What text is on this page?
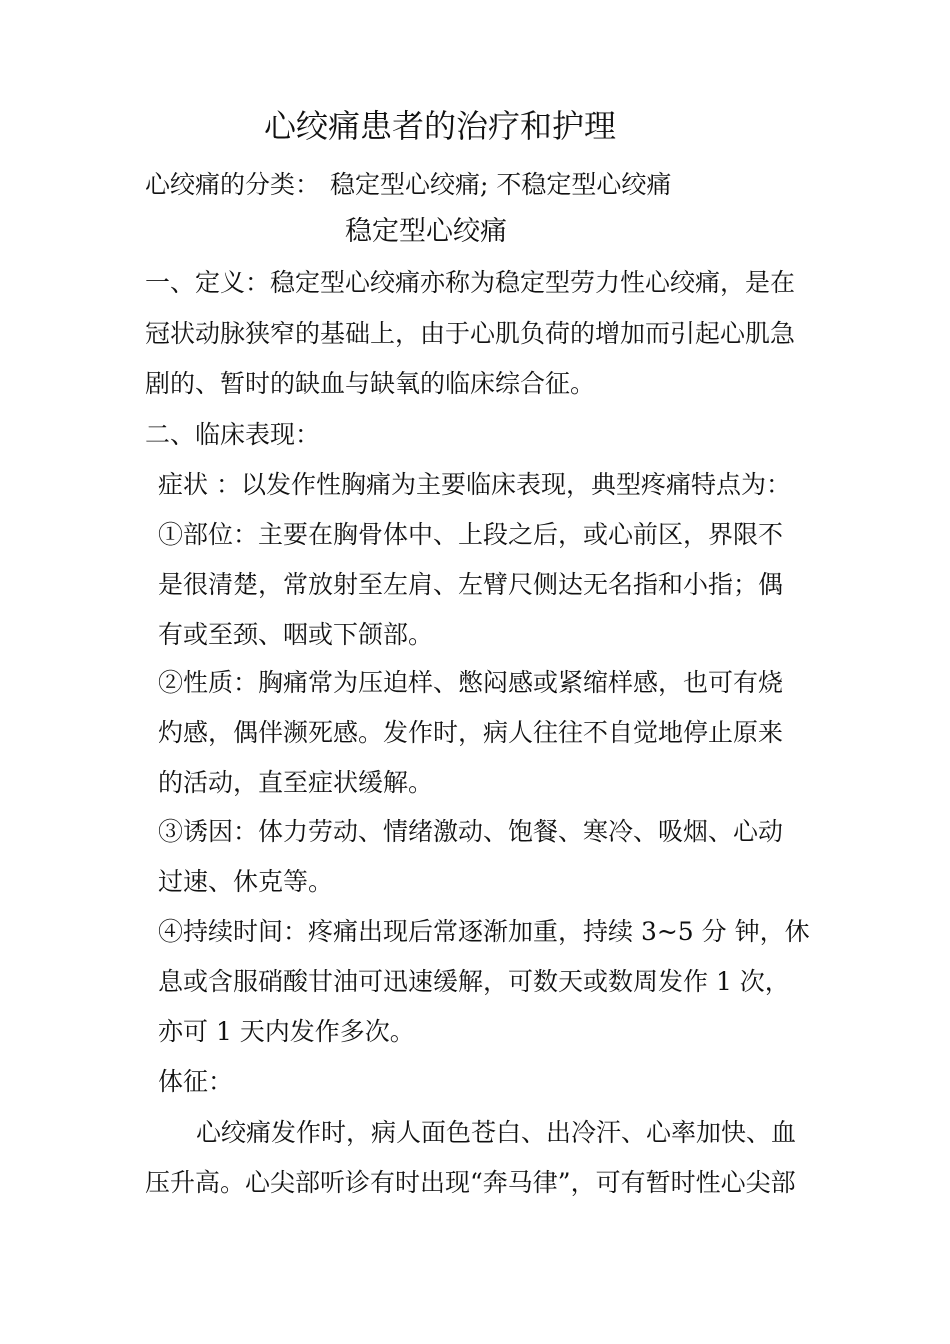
心绞痛患者的治疗和护理
心绞痛的分类： 稳定型心绞痛; 不稳定型心绞痛
稳定型心绞痛
一、定义：稳定型心绞痛亦称为稳定型劳力性心绞痛，是在
冠状动脉狭窄的基础上，由于心肌负荷的增加而引起心肌急
剧的、暂时的缺血与缺氧的临床综合征。
二、临床表现：
症状 ：以发作性胸痛为主要临床表现，典型疼痛特点为：
①部位：主要在胸骨体中、上段之后，或心前区，界限不
是很清楚，常放射至左肩、左臂尺侧达无名指和小指；偶
有或至颈、咽或下颌部。
②性质：胸痛常为压迫样、憋闷感或紧缩样感，也可有烧
灼感，偶伴濒死感。发作时，病人往往不自觉地停止原来
的活动，直至症状缓解。
③诱因：体力劳动、情绪激动、饱餐、寒冷、吸烟、心动
过速、休克等。
④持续时间：疼痛出现后常逐渐加重，持续 3~5 分 钟，休
息或含服硝酸甘油可迅速缓解，可数天或数周发作 1 次，
亦可 1 天内发作多次。
体征：
心绞痛发作时，病人面色苍白、出冷汗、心率加快、血
压升高。心尖部听诊有时出现“奔马律”，可有暂时性心尖部
